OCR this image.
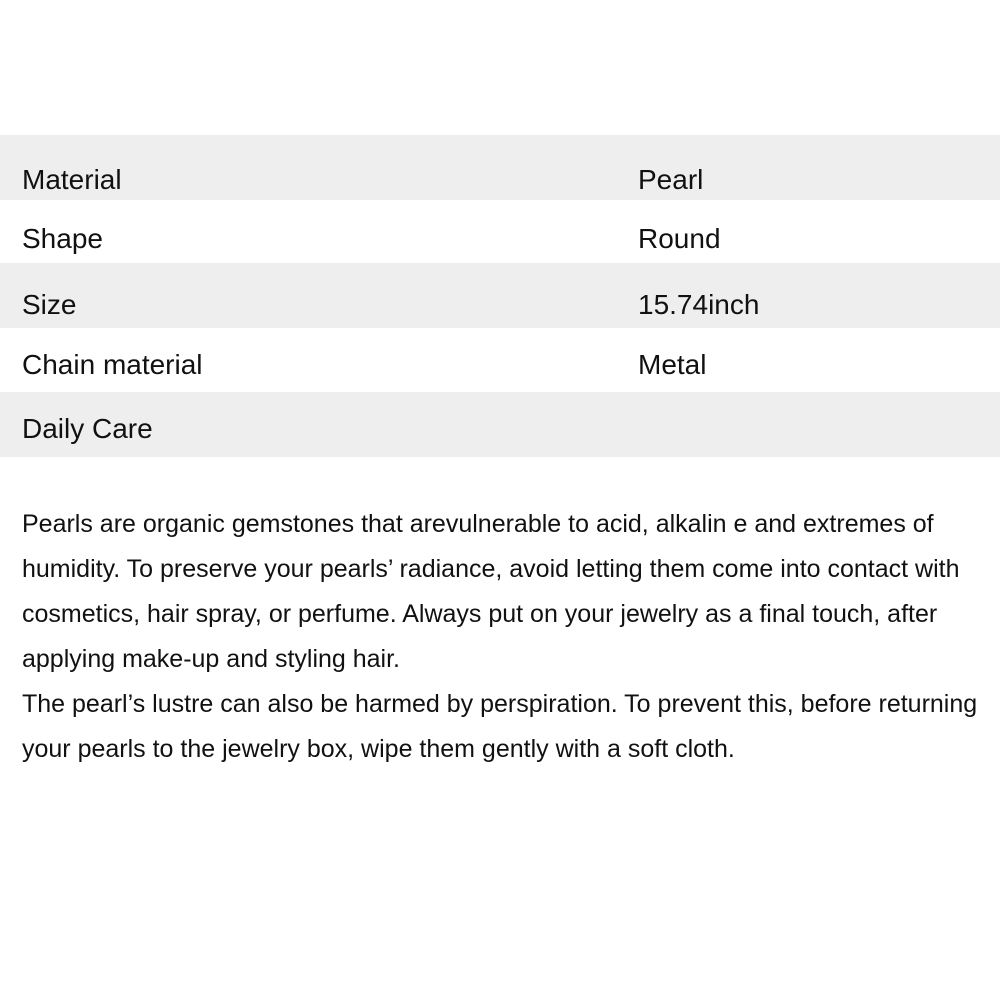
Material	Pearl
Shape	Round
Size	15.74inch
Chain material	Metal
Daily Care

Pearls are organic gemstones that arevulnerable to acid, alkalin e and extremes of humidity. To preserve your pearls’ radiance, avoid letting them come into contact with cosmetics, hair spray, or perfume. Always put on your jewelry as a final touch, after applying make-up and styling hair.

The pearl’s lustre can also be harmed by perspiration. To prevent this, before returning your pearls to the jewelry box, wipe them gently with a soft cloth.
